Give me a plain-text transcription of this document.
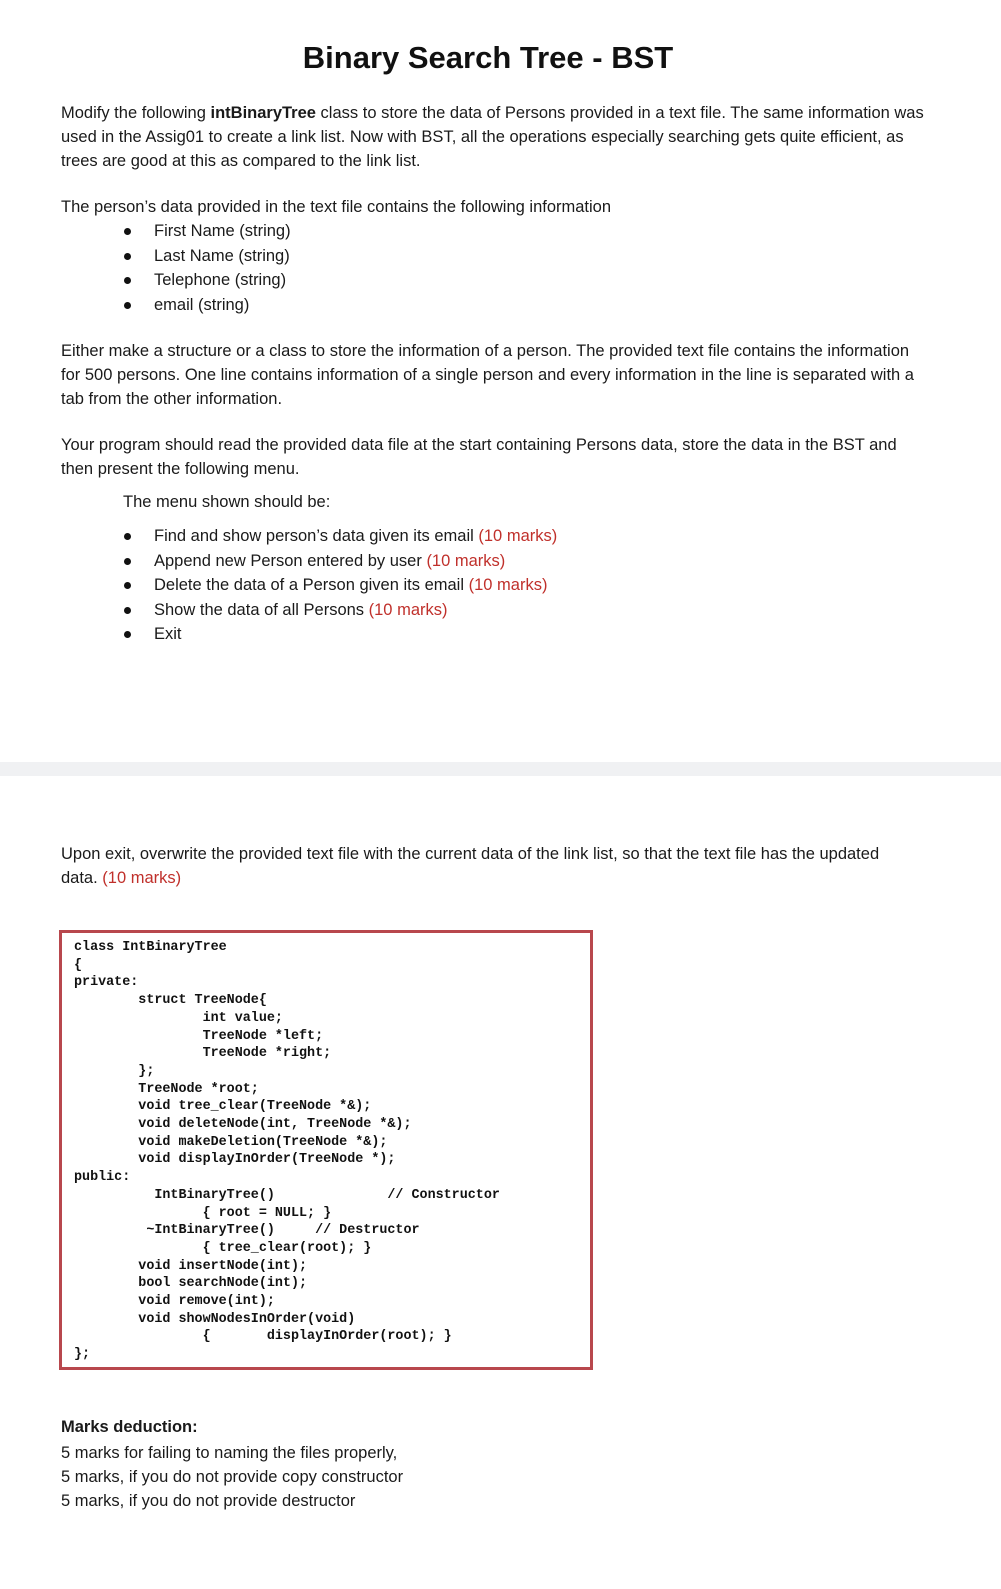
Binary Search Tree - BST

Modify the following intBinaryTree class to store the data of Persons provided in a text file. The same information was used in the Assig01 to create a link list. Now with BST, all the operations especially searching gets quite efficient, as trees are good at this as compared to the link list.

The person’s data provided in the text file contains the following information

First Name (string)
Last Name (string)
Telephone (string)
email (string)

Either make a structure or a class to store the information of a person. The provided text file contains the information for 500 persons. One line contains information of a single person and every information in the line is separated with a tab from the other information.

Your program should read the provided data file at the start containing Persons data, store the data in the BST and then present the following menu.

The menu shown should be:

Find and show person’s data given its email (10 marks)
Append new Person entered by user (10 marks)
Delete the data of a Person given its email (10 marks)
Show the data of all Persons (10 marks)
Exit

Upon exit, overwrite the provided text file with the current data of the link list, so that the text file has the updated data. (10 marks)

class IntBinaryTree
{
private:
struct TreeNode{
int value;
TreeNode *left;
TreeNode *right;
};
TreeNode *root;
void tree_clear(TreeNode *&);
void deleteNode(int, TreeNode *&);
void makeDeletion(TreeNode *&);
void displayInOrder(TreeNode *);
public:
IntBinaryTree()              // Constructor
{ root = NULL; }
~IntBinaryTree()     // Destructor
{ tree_clear(root); }
void insertNode(int);
bool searchNode(int);
void remove(int);
void showNodesInOrder(void)
{       displayInOrder(root); }
};

Marks deduction:

5 marks for failing to naming the files properly,
5 marks, if you do not provide copy constructor
5 marks, if you do not provide destructor
